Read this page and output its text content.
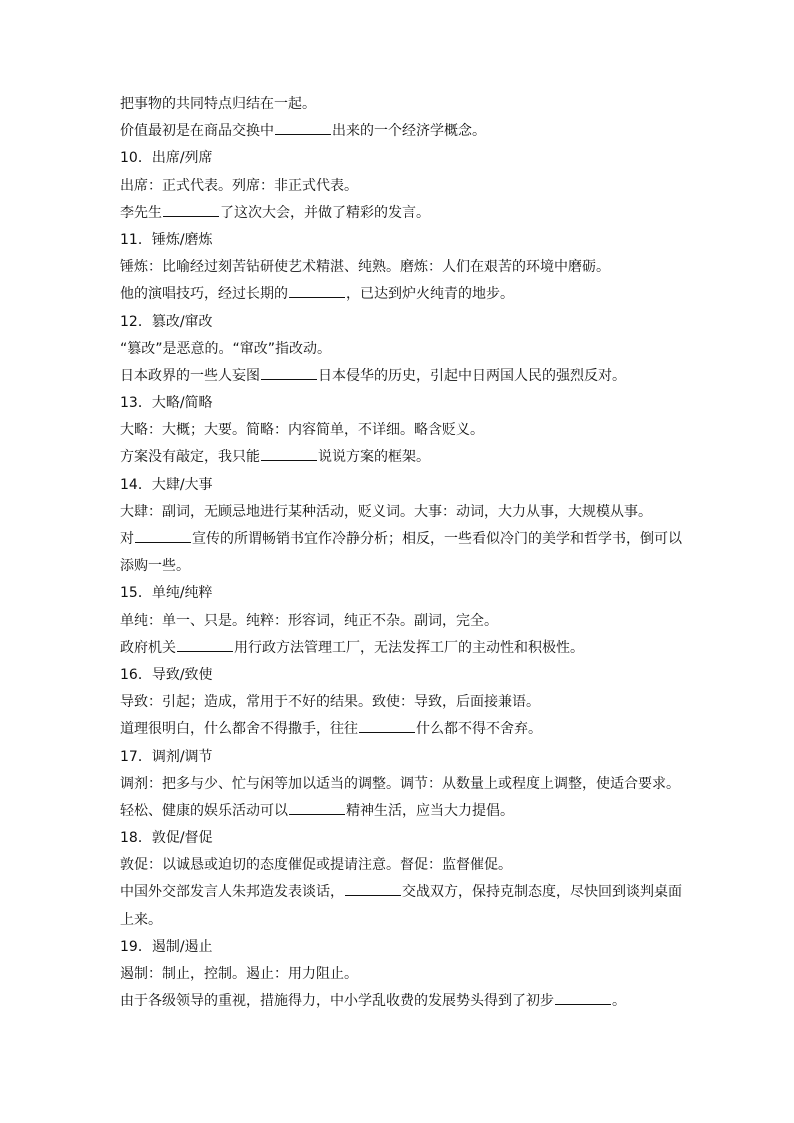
把事物的共同特点归结在一起。
价值最初是在商品交换中	出来的一个经济学概念。
10．出席/列席
出席：正式代表。列席：非正式代表。
李先生	了这次大会，并做了精彩的发言。
11．锤炼/磨炼
锤炼：比喻经过刻苦钻研使艺术精湛、纯熟。磨炼：人们在艰苦的环境中磨砺。
他的演唱技巧，经过长期的	，已达到炉火纯青的地步。
12．篡改/窜改
“篡改”是恶意的。“窜改”指改动。
日本政界的一些人妄图	日本侵华的历史，引起中日两国人民的强烈反对。
13．大略/简略
大略：大概；大要。简略：内容简单，不详细。略含贬义。
方案没有敲定，我只能	说说方案的框架。
14．大肆/大事
大肆：副词，无顾忌地进行某种活动，贬义词。大事：动词，大力从事，大规模从事。
对	宣传的所谓畅销书宜作冷静分析；相反，一些看似冷门的美学和哲学书，倒可以
添购一些。
15．单纯/纯粹
单纯：单一、只是。纯粹：形容词，纯正不杂。副词，完全。
政府机关	用行政方法管理工厂，无法发挥工厂的主动性和积极性。
16．导致/致使
导致：引起；造成，常用于不好的结果。致使：导致，后面接兼语。
道理很明白，什么都舍不得撒手，往往	什么都不得不舍弃。
17．调剂/调节
调剂：把多与少、忙与闲等加以适当的调整。调节：从数量上或程度上调整，使适合要求。
轻松、健康的娱乐活动可以	精神生活，应当大力提倡。
18．敦促/督促
敦促：以诚恳或迫切的态度催促或提请注意。督促：监督催促。
中国外交部发言人朱邦造发表谈话，	交战双方，保持克制态度，尽快回到谈判桌面
上来。
19．遏制/遏止
遏制：制止，控制。遏止：用力阻止。
由于各级领导的重视，措施得力，中小学乱收费的发展势头得到了初步	。
